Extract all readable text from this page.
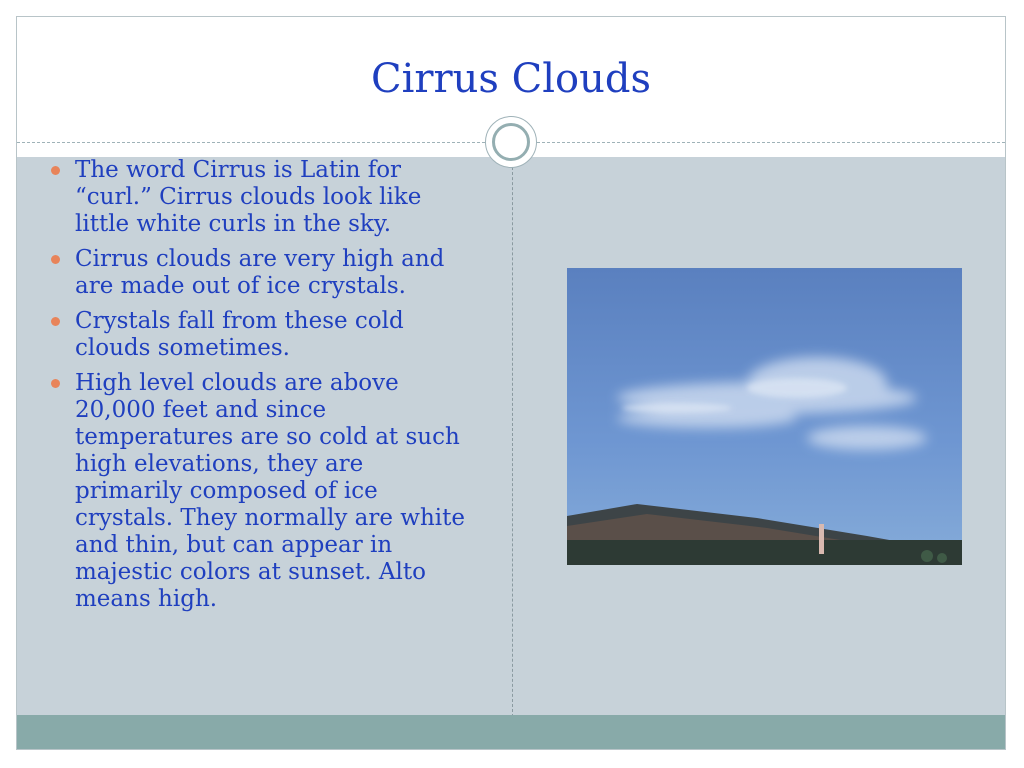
Cirrus Clouds
The word Cirrus is Latin for “curl.” Cirrus clouds look like little white curls in the sky.
Cirrus clouds are very high and are made out of ice crystals.
Crystals fall from these cold clouds sometimes.
High level clouds are above 20,000 feet and since temperatures are so cold at such high elevations, they are primarily composed of ice crystals. They normally are white and thin, but can appear in majestic colors at sunset. Alto means high.
